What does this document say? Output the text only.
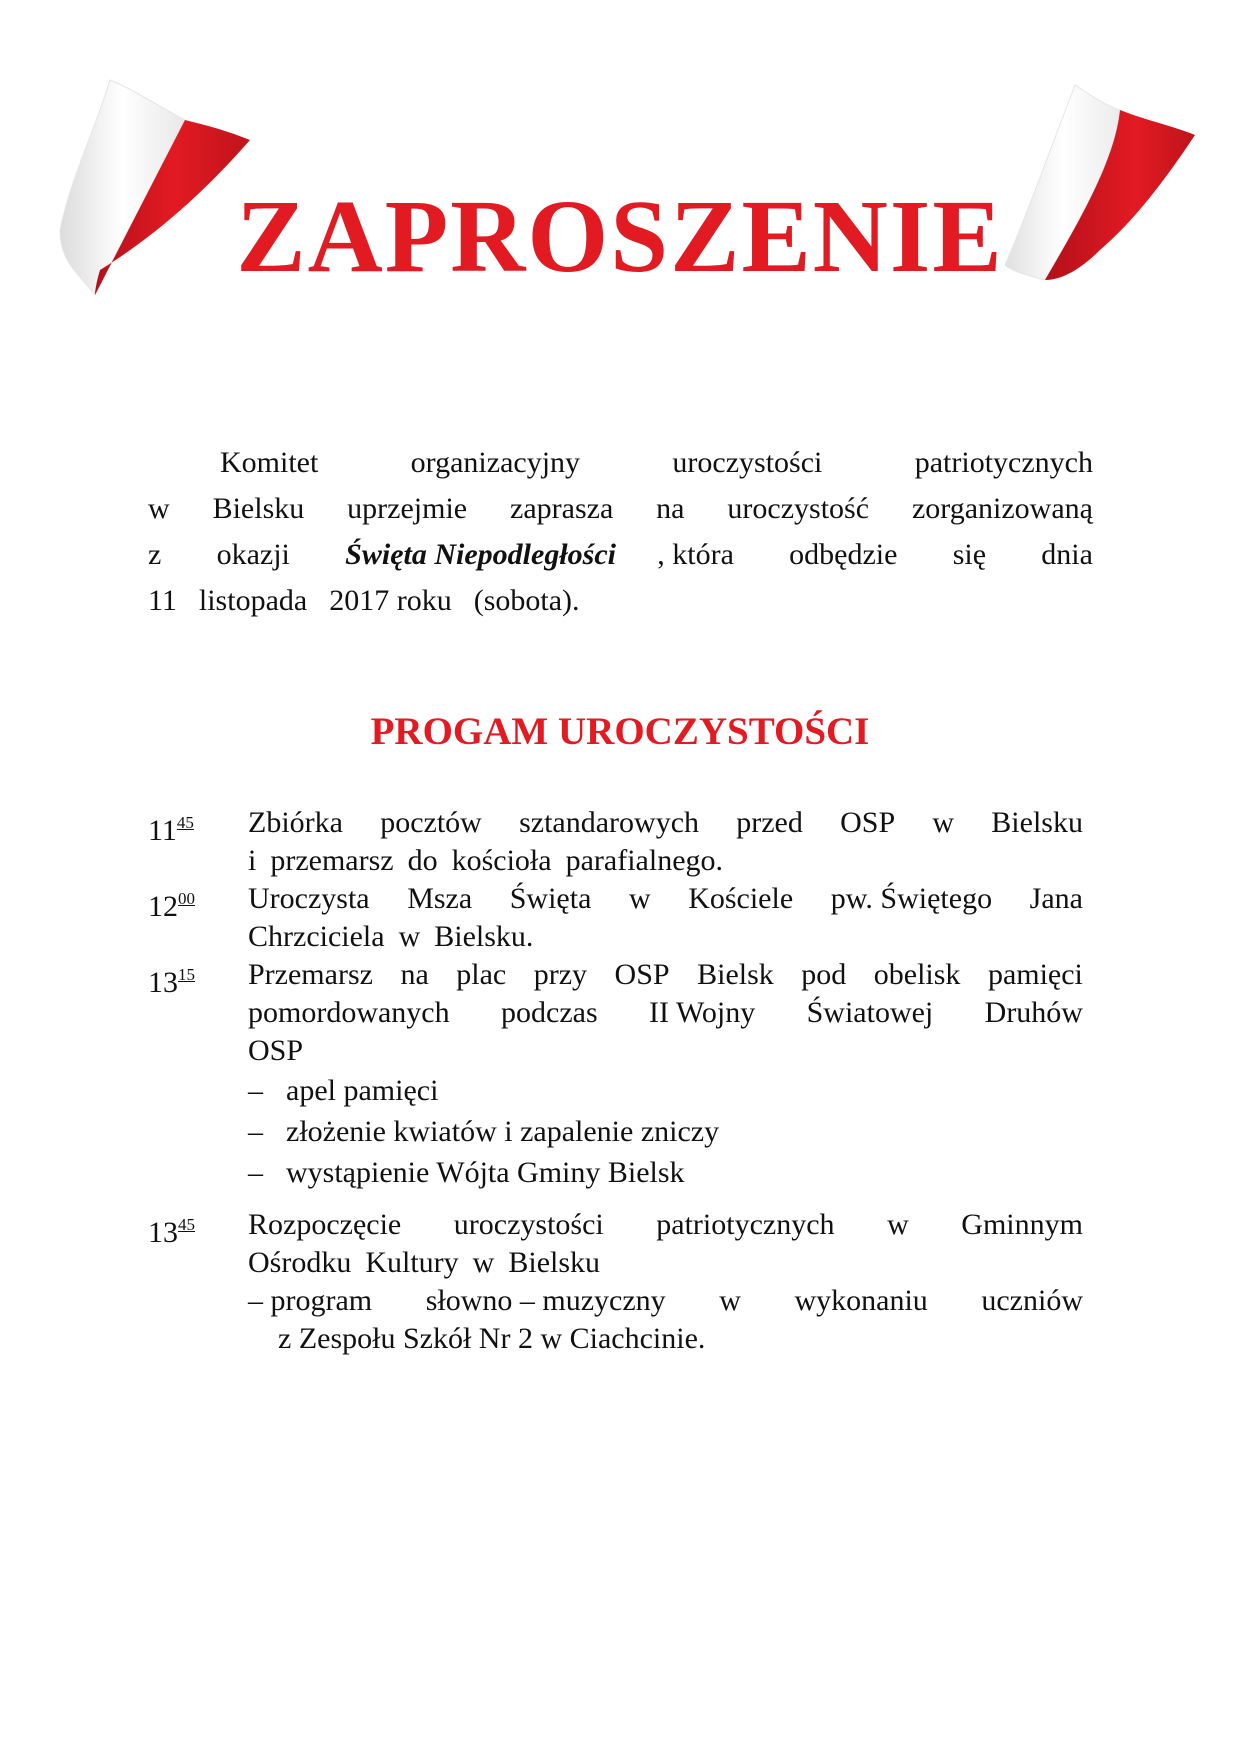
ZAPROSZENIE
Komitet	organizacyjny	uroczystości	patriotycznych
w Bielsku uprzejmie zaprasza na uroczystość zorganizowaną
z okazji Święta Niepodległości , która odbędzie się dnia
11 listopada 2017 roku (sobota).
PROGAM UROCZYSTOŚCI
$11^{45}$	Zbiórka pocztów sztandarowych przed OSP w Bielsku
i przemarsz do kościoła parafialnego.
$12^{00}$	Uroczysta Msza Święta w Kościele pw. Świętego Jana
Chrzciciela w Bielsku.
$13^{15}$	Przemarsz na plac przy OSP Bielsk pod obelisk pamięci
pomordowanych podczas II Wojny Światowej Druhów
OSP
– apel pamięci
– złożenie kwiatów i zapalenie zniczy
– wystąpienie Wójta Gminy Bielsk
$13^{45}$	Rozpoczęcie uroczystości patriotycznych w Gminnym
Ośrodku Kultury w Bielsku
– program słowno – muzyczny w wykonaniu uczniów
z Zespołu Szkół Nr 2 w Ciachcinie.
